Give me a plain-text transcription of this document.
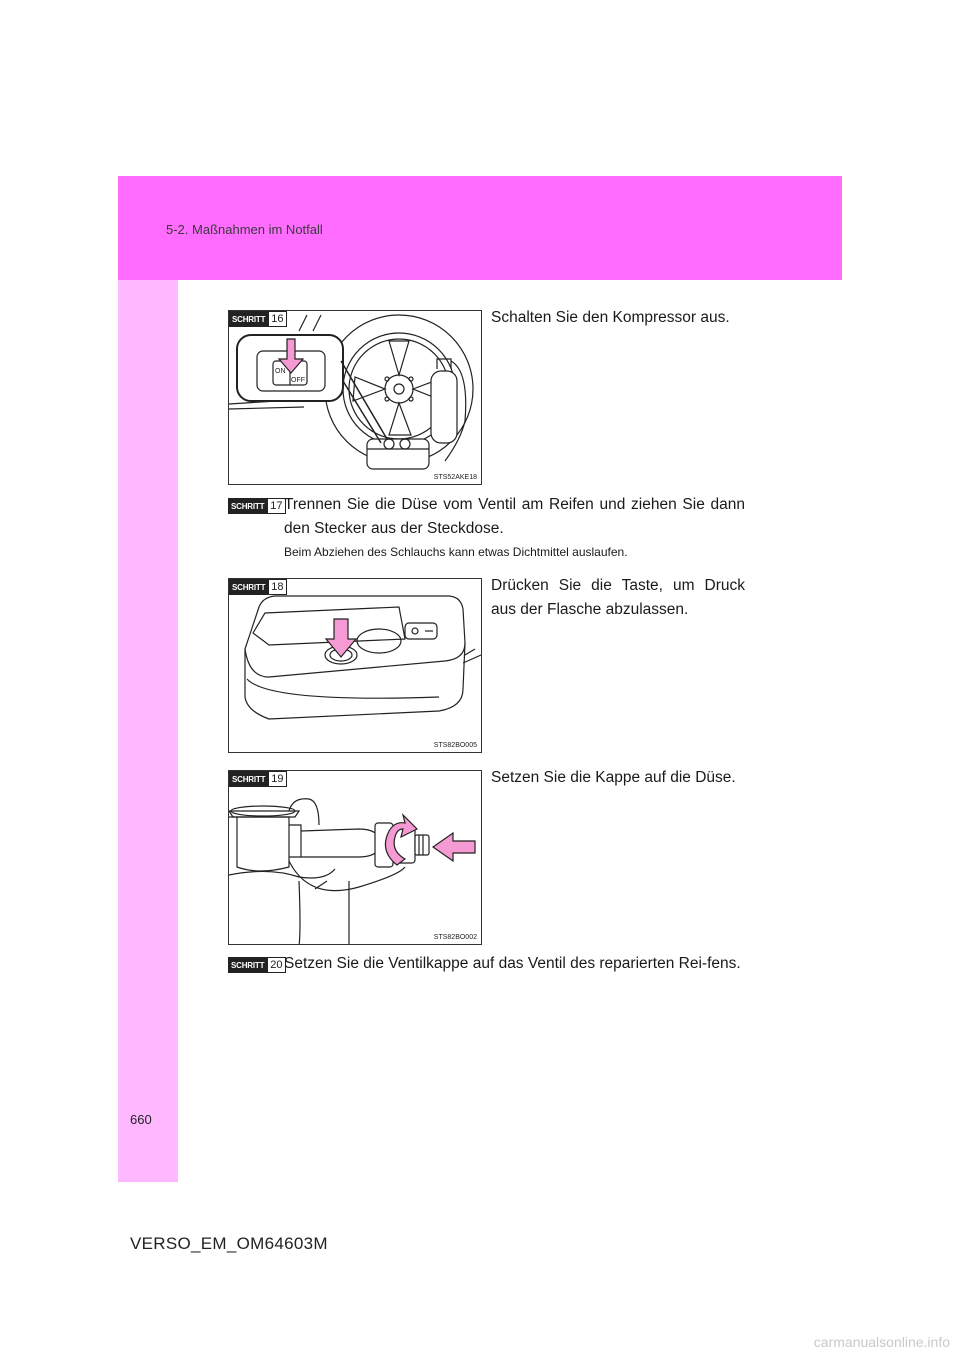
5-2. Maßnahmen im Notfall
ON
OFF
SCHRITT 16
STS52AKE18
Schalten Sie den Kompressor aus.
SCHRITT 17 Trennen Sie die Düse vom Ventil am Reifen und ziehen Sie dann den Stecker aus der Steckdose.
Beim Abziehen des Schlauchs kann etwas Dichtmittel auslaufen.
SCHRITT 18
STS82BO005
Drücken Sie die Taste, um Druck aus der Flasche abzulassen.
SCHRITT 19
STS82BO002
Setzen Sie die Kappe auf die Düse.
SCHRITT 20 Setzen Sie die Ventilkappe auf das Ventil des reparierten Rei-fens.
660
VERSO_EM_OM64603M
carmanualsonline.info
